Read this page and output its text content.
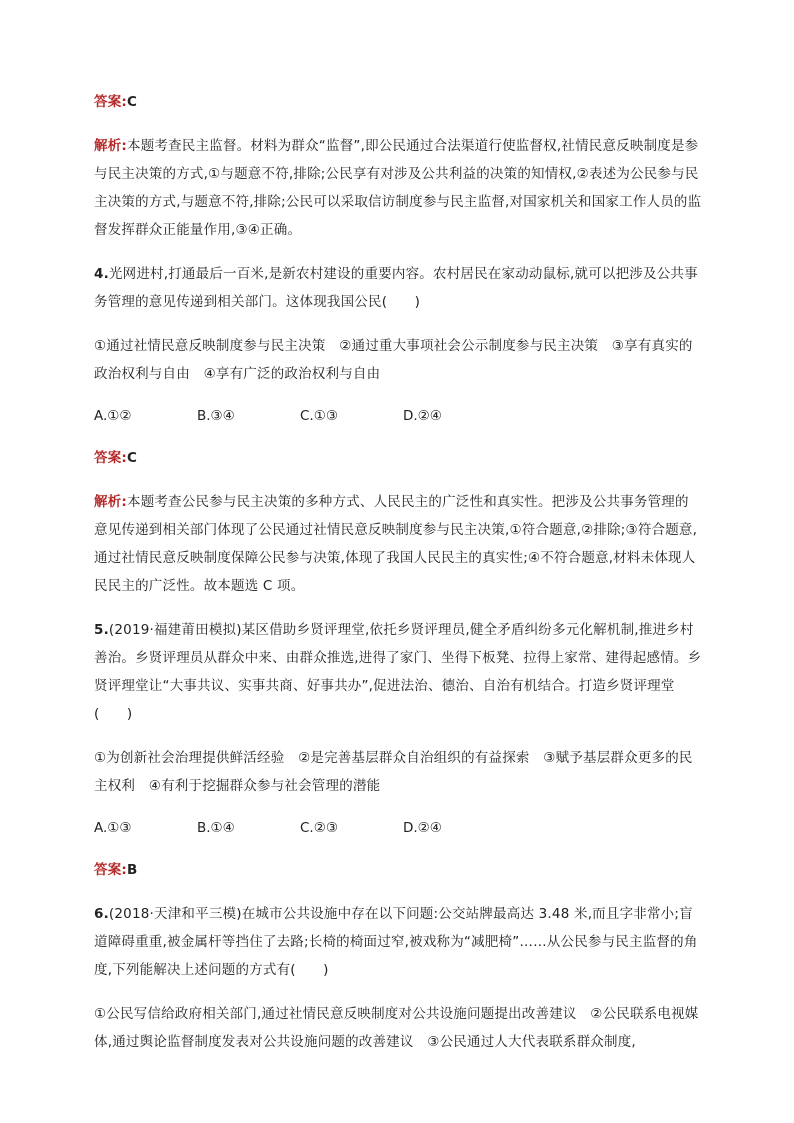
答案:C

解析:本题考查民主监督。材料为群众“监督”,即公民通过合法渠道行使监督权,社情民意反映制度是参与民主决策的方式,①与题意不符,排除;公民享有对涉及公共利益的决策的知情权,②表述为公民参与民主决策的方式,与题意不符,排除;公民可以采取信访制度参与民主监督,对国家机关和国家工作人员的监督发挥群众正能量作用,③④正确。

4.光网进村,打通最后一百米,是新农村建设的重要内容。农村居民在家动动鼠标,就可以把涉及公共事务管理的意见传递到相关部门。这体现我国公民(　　)

①通过社情民意反映制度参与民主决策　②通过重大事项社会公示制度参与民主决策　③享有真实的政治权利与自由　④享有广泛的政治权利与自由

A.①②	B.③④	C.①③	D.②④

答案:C

解析:本题考查公民参与民主决策的多种方式、人民民主的广泛性和真实性。把涉及公共事务管理的意见传递到相关部门体现了公民通过社情民意反映制度参与民主决策,①符合题意,②排除;③符合题意,通过社情民意反映制度保障公民参与决策,体现了我国人民民主的真实性;④不符合题意,材料未体现人民民主的广泛性。故本题选 C 项。

5.(2019·福建莆田模拟)某区借助乡贤评理堂,依托乡贤评理员,健全矛盾纠纷多元化解机制,推进乡村善治。乡贤评理员从群众中来、由群众推选,进得了家门、坐得下板凳、拉得上家常、建得起感情。乡贤评理堂让“大事共议、实事共商、好事共办”,促进法治、德治、自治有机结合。打造乡贤评理堂(　　)

①为创新社会治理提供鲜活经验　②是完善基层群众自治组织的有益探索　③赋予基层群众更多的民主权利　④有利于挖掘群众参与社会管理的潜能

A.①③	B.①④	C.②③	D.②④

答案:B

6.(2018·天津和平三模)在城市公共设施中存在以下问题:公交站牌最高达 3.48 米,而且字非常小;盲道障碍重重,被金属杆等挡住了去路;长椅的椅面过窄,被戏称为“减肥椅”……从公民参与民主监督的角度,下列能解决上述问题的方式有(　　)

①公民写信给政府相关部门,通过社情民意反映制度对公共设施问题提出改善建议　②公民联系电视媒体,通过舆论监督制度发表对公共设施问题的改善建议　③公民通过人大代表联系群众制度,
